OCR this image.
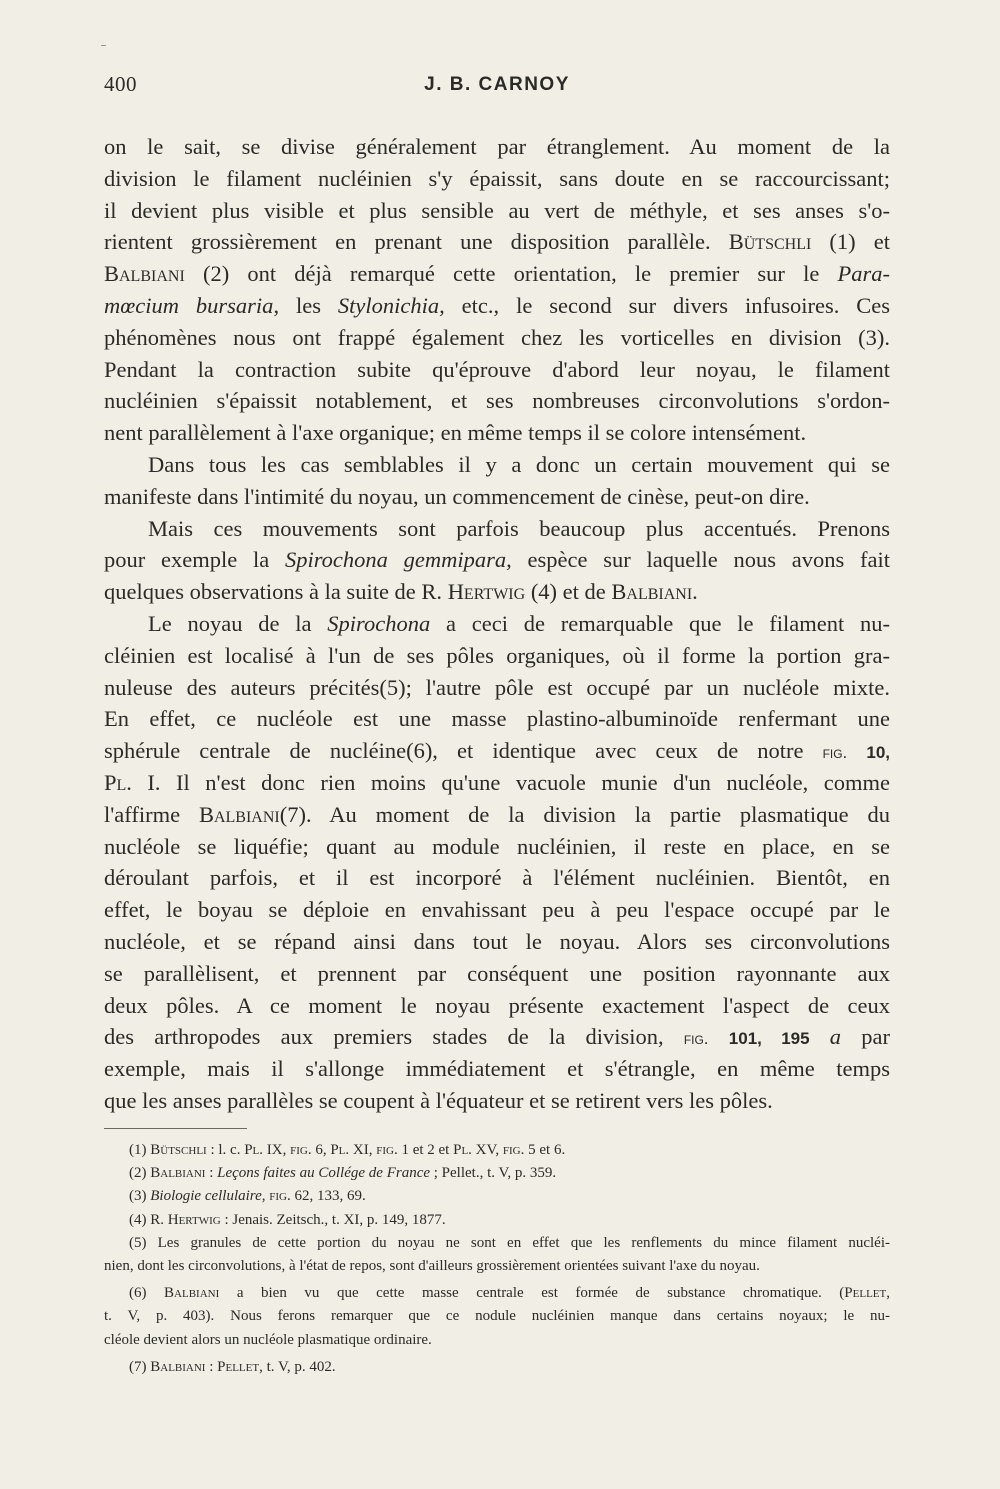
400	J. B. CARNOY
on le sait, se divise généralement par étranglement. Au moment de la
division le filament nucléinien s'y épaissit, sans doute en se raccourcissant;
il devient plus visible et plus sensible au vert de méthyle, et ses anses s'o-
rientent grossièrement en prenant une disposition parallèle. Bütschli (1) et
Balbiani (2) ont déjà remarqué cette orientation, le premier sur le Para-
mœcium bursaria, les Stylonichia, etc., le second sur divers infusoires. Ces
phénomènes nous ont frappé également chez les vorticelles en division (3).
Pendant la contraction subite qu'éprouve d'abord leur noyau, le filament
nucléinien s'épaissit notablement, et ses nombreuses circonvolutions s'ordon-
nent parallèlement à l'axe organique; en même temps il se colore intensément.
Dans tous les cas semblables il y a donc un certain mouvement qui se
manifeste dans l'intimité du noyau, un commencement de cinèse, peut-on dire.
Mais ces mouvements sont parfois beaucoup plus accentués. Prenons
pour exemple la Spirochona gemmipara, espèce sur laquelle nous avons fait
quelques observations à la suite de R. Hertwig (4) et de Balbiani.
Le noyau de la Spirochona a ceci de remarquable que le filament nu-
cléinien est localisé à l'un de ses pôles organiques, où il forme la portion gra-
nuleuse des auteurs précités(5); l'autre pôle est occupé par un nucléole mixte.
En effet, ce nucléole est une masse plastino-albuminoïde renfermant une
sphérule centrale de nucléine(6), et identique avec ceux de notre fig. 10,
Pl. I. Il n'est donc rien moins qu'une vacuole munie d'un nucléole, comme
l'affirme Balbiani(7). Au moment de la division la partie plasmatique du
nucléole se liquéfie; quant au module nucléinien, il reste en place, en se
déroulant parfois, et il est incorporé à l'élément nucléinien. Bientôt, en
effet, le boyau se déploie en envahissant peu à peu l'espace occupé par le
nucléole, et se répand ainsi dans tout le noyau. Alors ses circonvolutions
se parallèlisent, et prennent par conséquent une position rayonnante aux
deux pôles. A ce moment le noyau présente exactement l'aspect de ceux
des arthropodes aux premiers stades de la division, fig. 101, 195 a par
exemple, mais il s'allonge immédiatement et s'étrangle, en même temps
que les anses parallèles se coupent à l'équateur et se retirent vers les pôles.
(1) Bütschli : l. c. Pl. IX, fig. 6, Pl. XI, fig. 1 et 2 et Pl. XV, fig. 5 et 6.
(2) Balbiani : Leçons faites au Collége de France ; Pellet., t. V, p. 359.
(3) Biologie cellulaire, fig. 62, 133, 69.
(4) R. Hertwig : Jenais. Zeitsch., t. XI, p. 149, 1877.
(5) Les granules de cette portion du noyau ne sont en effet que les renflements du mince filament nucléi-
nien, dont les circonvolutions, à l'état de repos, sont d'ailleurs grossièrement orientées suivant l'axe du noyau.
(6) Balbiani a bien vu que cette masse centrale est formée de substance chromatique. (Pellet,
t. V, p. 403). Nous ferons remarquer que ce nodule nucléinien manque dans certains noyaux; le nu-
cléole devient alors un nucléole plasmatique ordinaire.
(7) Balbiani : Pellet, t. V, p. 402.
